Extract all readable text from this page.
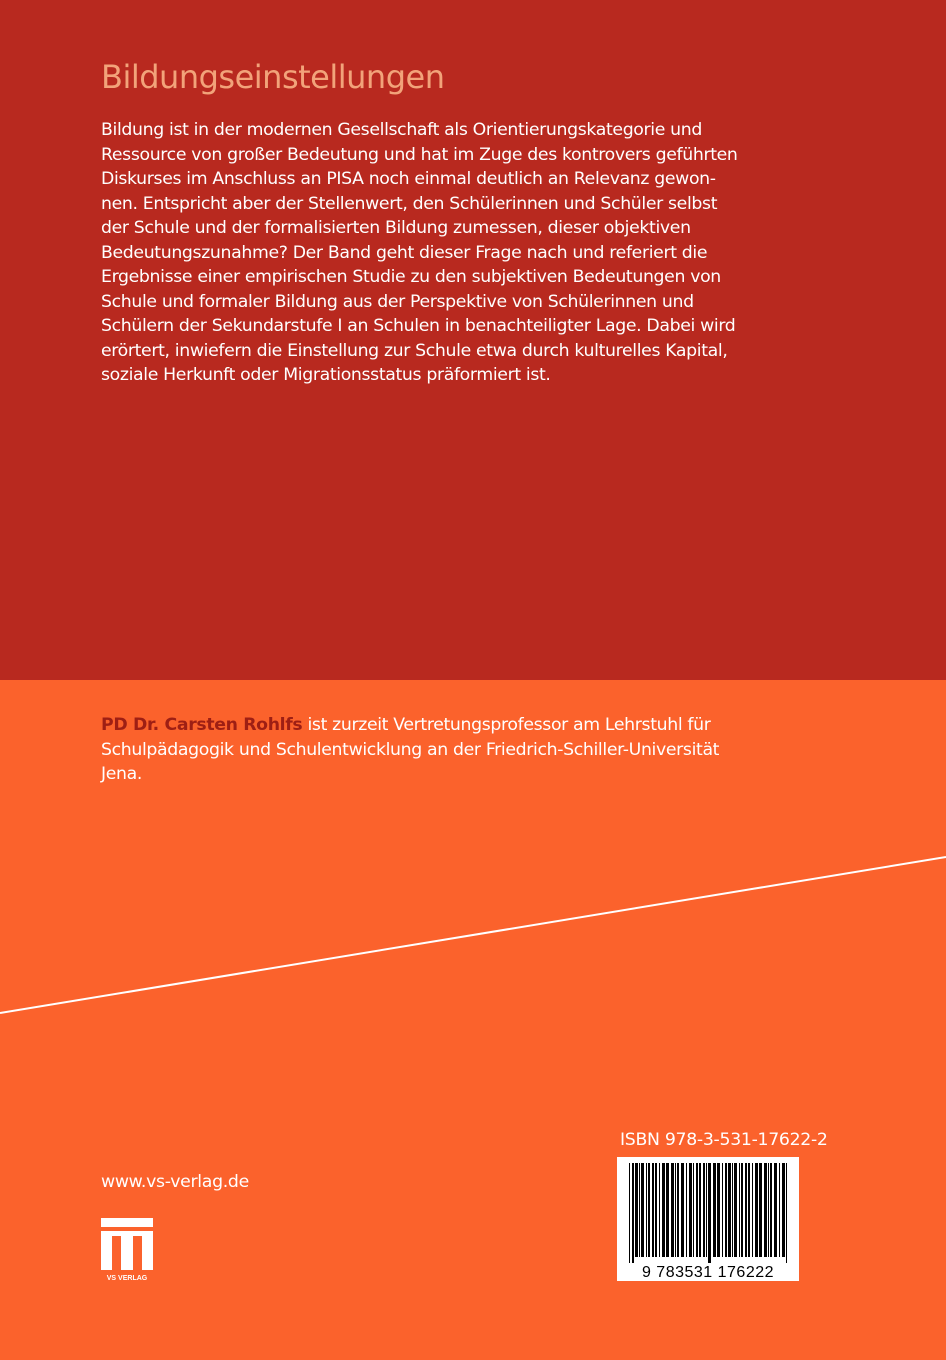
Bildungseinstellungen
Bildung ist in der modernen Gesellschaft als Orientierungskategorie und
Ressource von großer Bedeutung und hat im Zuge des kontrovers geführten
Diskurses im Anschluss an PISA noch einmal deutlich an Relevanz gewon-
nen. Entspricht aber der Stellenwert, den Schülerinnen und Schüler selbst
der Schule und der formalisierten Bildung zumessen, dieser objektiven
Bedeutungszunahme? Der Band geht dieser Frage nach und referiert die
Ergebnisse einer empirischen Studie zu den subjektiven Bedeutungen von
Schule und formaler Bildung aus der Perspektive von Schülerinnen und
Schülern der Sekundarstufe I an Schulen in benachteiligter Lage. Dabei wird
erörtert, inwiefern die Einstellung zur Schule etwa durch kulturelles Kapital,
soziale Herkunft oder Migrationsstatus präformiert ist.
PD Dr. Carsten Rohlfs ist zurzeit Vertretungsprofessor am Lehrstuhl für
Schulpädagogik und Schulentwicklung an der Friedrich-Schiller-Universität
Jena.
www.vs-verlag.de
VS VERLAG
ISBN 978-3-531-17622-2
9 783531 176222
